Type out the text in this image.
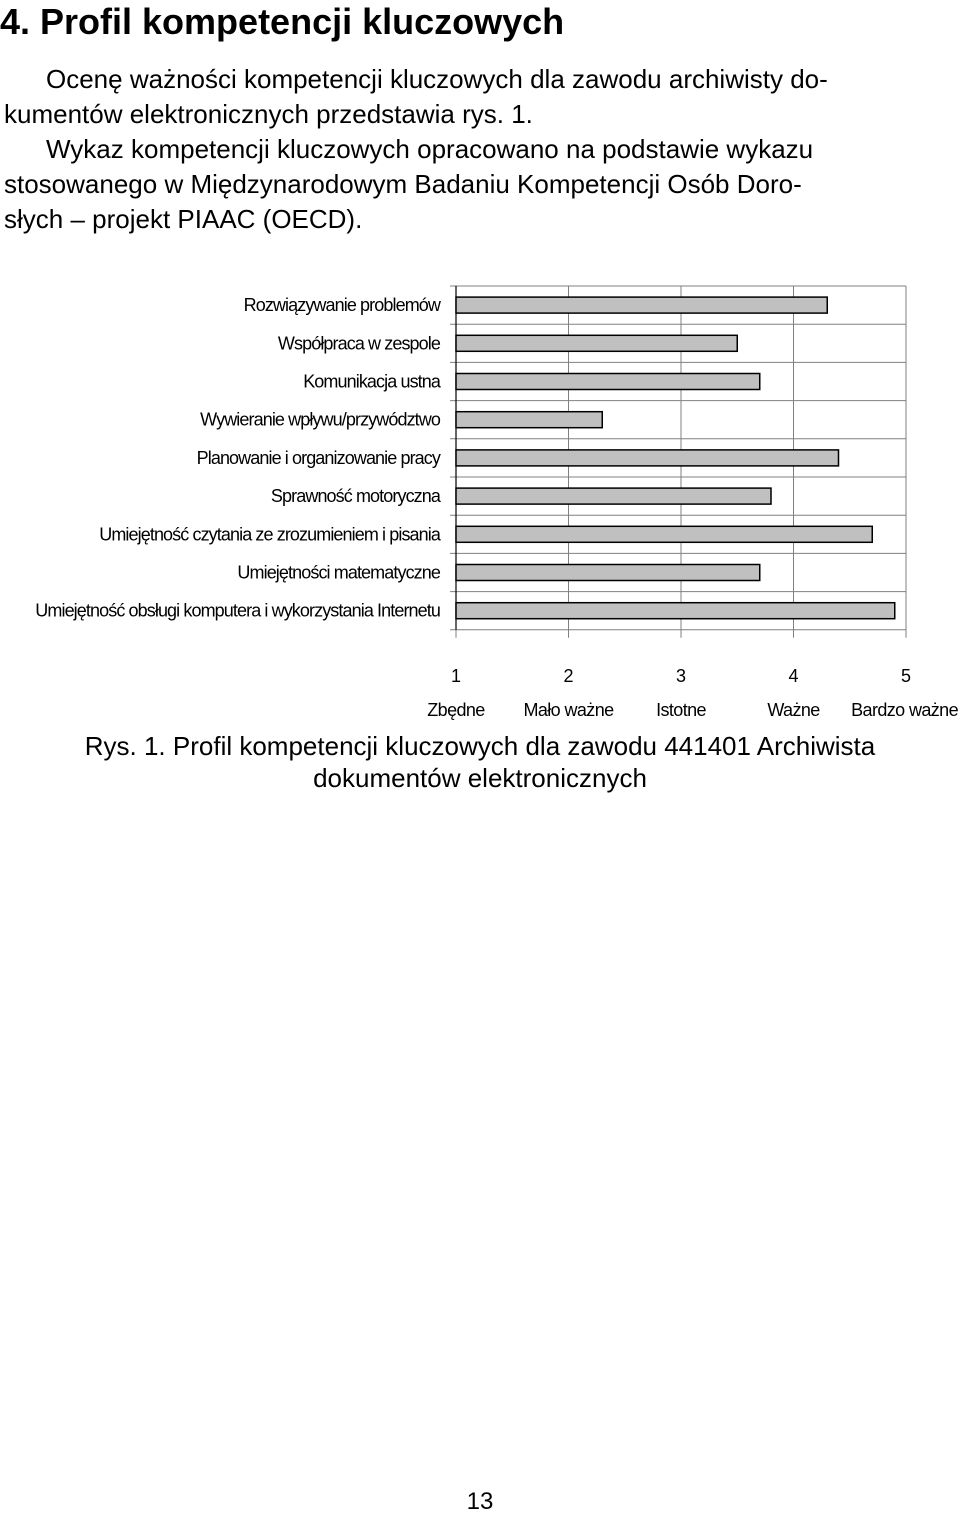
4. Profil kompetencji kluczowych

Ocenę ważności kompetencji kluczowych dla zawodu archiwisty do-
kumentów elektronicznych przedstawia rys. 1.

Wykaz kompetencji kluczowych opracowano na podstawie wykazu
stosowanego w Międzynarodowym Badaniu Kompetencji Osób Doro-
słych – projekt PIAAC (OECD).

Rozwiązywanie problemów
Współpraca w zespole
Komunikacja ustna
Wywieranie wpływu/przywództwo
Planowanie i organizowanie pracy
Sprawność motoryczna
Umiejętność czytania ze zrozumieniem i pisania
Umiejętności matematyczne
Umiejętność obsługi komputera i wykorzystania Internetu
1
Zbędne
2
Mało ważne
3
Istotne
4
Ważne
5
Bardzo ważne

Rys. 1. Profil kompetencji kluczowych dla zawodu 441401 Archiwista
dokumentów elektronicznych

13
